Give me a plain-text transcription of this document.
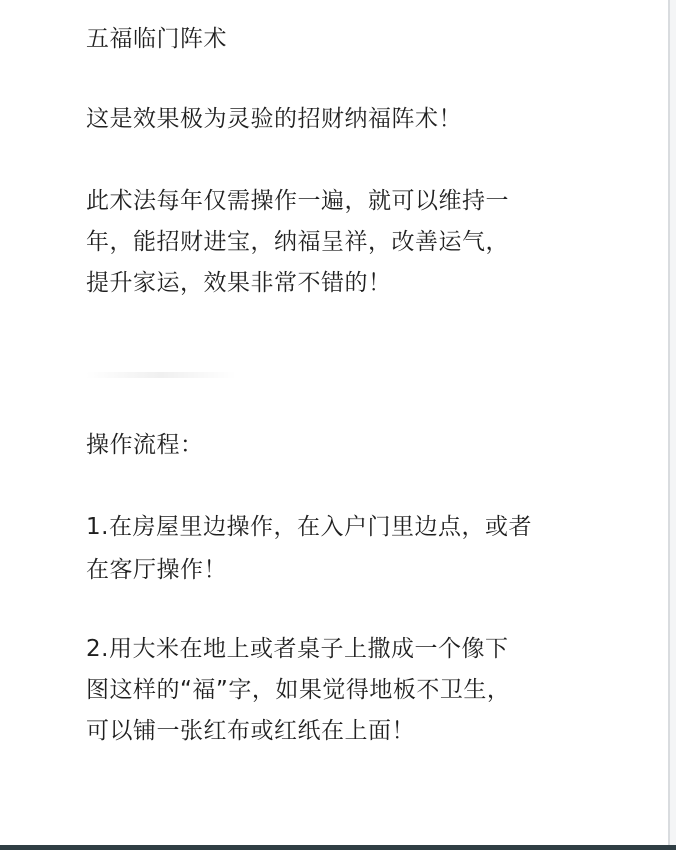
五福临门阵术
这是效果极为灵验的招财纳福阵术！
此术法每年仅需操作一遍，就可以维持一
年，能招财进宝，纳福呈祥，改善运气，
提升家运，效果非常不错的！
操作流程：
1.在房屋里边操作，在入户门里边点，或者
在客厅操作！
2.用大米在地上或者桌子上撒成一个像下
图这样的“福”字，如果觉得地板不卫生，
可以铺一张红布或红纸在上面！
